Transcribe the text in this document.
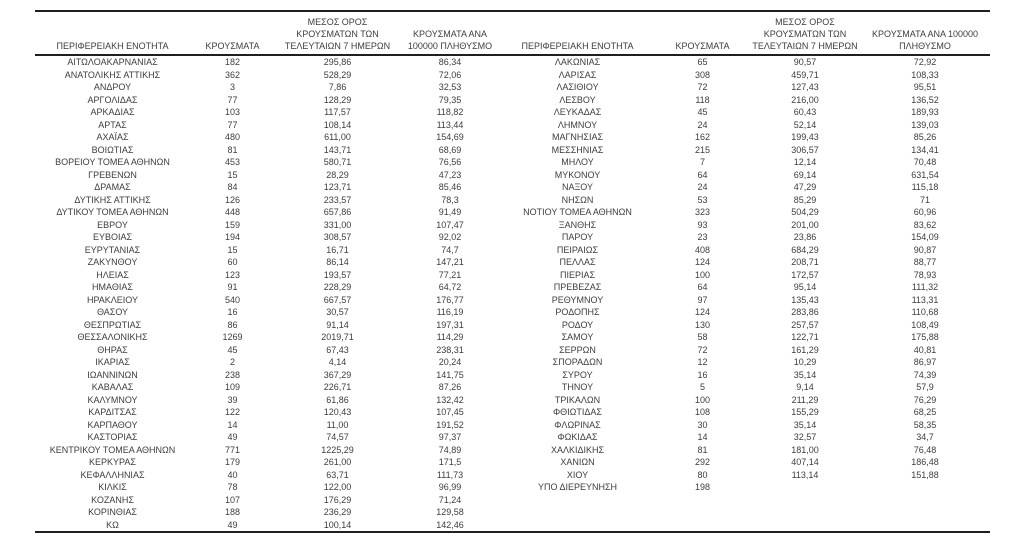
ΠΕΡΙΦΕΡΕΙΑΚΗ ΕΝΟΤΗΤΑ	ΚΡΟΥΣΜΑΤΑ	ΜΕΣΟΣ ΟΡΟΣ ΚΡΟΥΣΜΑΤΩΝ ΤΩΝ ΤΕΛΕΥΤΑΙΩΝ 7 ΗΜΕΡΩΝ	ΚΡΟΥΣΜΑΤΑ ΑΝΑ 100000 ΠΛΗΘΥΣΜΟ
ΑΙΤΩΛΟΑΚΑΡΝΑΝΙΑΣ	182	295,86	86,34
ΑΝΑΤΟΛΙΚΗΣ ΑΤΤΙΚΗΣ	362	528,29	72,06
ΑΝΔΡΟΥ	3	7,86	32,53
ΑΡΓΟΛΙΔΑΣ	77	128,29	79,35
ΑΡΚΑΔΙΑΣ	103	117,57	118,82
ΑΡΤΑΣ	77	108,14	113,44
ΑΧΑΪΑΣ	480	611,00	154,69
ΒΟΙΩΤΙΑΣ	81	143,71	68,69
ΒΟΡΕΙΟΥ ΤΟΜΕΑ ΑΘΗΝΩΝ	453	580,71	76,56
ΓΡΕΒΕΝΩΝ	15	28,29	47,23
ΔΡΑΜΑΣ	84	123,71	85,46
ΔΥΤΙΚΗΣ ΑΤΤΙΚΗΣ	126	233,57	78,3
ΔΥΤΙΚΟΥ ΤΟΜΕΑ ΑΘΗΝΩΝ	448	657,86	91,49
ΕΒΡΟΥ	159	331,00	107,47
ΕΥΒΟΙΑΣ	194	308,57	92,02
ΕΥΡΥΤΑΝΙΑΣ	15	16,71	74,7
ΖΑΚΥΝΘΟΥ	60	86,14	147,21
ΗΛΕΙΑΣ	123	193,57	77,21
ΗΜΑΘΙΑΣ	91	228,29	64,72
ΗΡΑΚΛΕΙΟΥ	540	667,57	176,77
ΘΑΣΟΥ	16	30,57	116,19
ΘΕΣΠΡΩΤΙΑΣ	86	91,14	197,31
ΘΕΣΣΑΛΟΝΙΚΗΣ	1269	2019,71	114,29
ΘΗΡΑΣ	45	67,43	238,31
ΙΚΑΡΙΑΣ	2	4,14	20,24
ΙΩΑΝΝΙΝΩΝ	238	367,29	141,75
ΚΑΒΑΛΑΣ	109	226,71	87,26
ΚΑΛΥΜΝΟΥ	39	61,86	132,42
ΚΑΡΔΙΤΣΑΣ	122	120,43	107,45
ΚΑΡΠΑΘΟΥ	14	11,00	191,52
ΚΑΣΤΟΡΙΑΣ	49	74,57	97,37
ΚΕΝΤΡΙΚΟΥ ΤΟΜΕΑ ΑΘΗΝΩΝ	771	1225,29	74,89
ΚΕΡΚΥΡΑΣ	179	261,00	171,5
ΚΕΦΑΛΛΗΝΙΑΣ	40	63,71	111,73
ΚΙΛΚΙΣ	78	122,00	96,99
ΚΟΖΑΝΗΣ	107	176,29	71,24
ΚΟΡΙΝΘΙΑΣ	188	236,29	129,58
ΚΩ	49	100,14	142,46
ΠΕΡΙΦΕΡΕΙΑΚΗ ΕΝΟΤΗΤΑ	ΚΡΟΥΣΜΑΤΑ	ΜΕΣΟΣ ΟΡΟΣ ΚΡΟΥΣΜΑΤΩΝ ΤΩΝ ΤΕΛΕΥΤΑΙΩΝ 7 ΗΜΕΡΩΝ	ΚΡΟΥΣΜΑΤΑ ΑΝΑ 100000 ΠΛΗΘΥΣΜΟ
ΛΑΚΩΝΙΑΣ	65	90,57	72,92
ΛΑΡΙΣΑΣ	308	459,71	108,33
ΛΑΣΙΘΙΟΥ	72	127,43	95,51
ΛΕΣΒΟΥ	118	216,00	136,52
ΛΕΥΚΑΔΑΣ	45	60,43	189,93
ΛΗΜΝΟΥ	24	52,14	139,03
ΜΑΓΝΗΣΙΑΣ	162	199,43	85,26
ΜΕΣΣΗΝΙΑΣ	215	306,57	134,41
ΜΗΛΟΥ	7	12,14	70,48
ΜΥΚΟΝΟΥ	64	69,14	631,54
ΝΑΞΟΥ	24	47,29	115,18
ΝΗΣΩΝ	53	85,29	71
ΝΟΤΙΟΥ ΤΟΜΕΑ ΑΘΗΝΩΝ	323	504,29	60,96
ΞΑΝΘΗΣ	93	201,00	83,62
ΠΑΡΟΥ	23	23,86	154,09
ΠΕΙΡΑΙΩΣ	408	684,29	90,87
ΠΕΛΛΑΣ	124	208,71	88,77
ΠΙΕΡΙΑΣ	100	172,57	78,93
ΠΡΕΒΕΖΑΣ	64	95,14	111,32
ΡΕΘΥΜΝΟΥ	97	135,43	113,31
ΡΟΔΟΠΗΣ	124	283,86	110,68
ΡΟΔΟΥ	130	257,57	108,49
ΣΑΜΟΥ	58	122,71	175,88
ΣΕΡΡΩΝ	72	161,29	40,81
ΣΠΟΡΑΔΩΝ	12	10,29	86,97
ΣΥΡΟΥ	16	35,14	74,39
ΤΗΝΟΥ	5	9,14	57,9
ΤΡΙΚΑΛΩΝ	100	211,29	76,29
ΦΘΙΩΤΙΔΑΣ	108	155,29	68,25
ΦΛΩΡΙΝΑΣ	30	35,14	58,35
ΦΩΚΙΔΑΣ	14	32,57	34,7
ΧΑΛΚΙΔΙΚΗΣ	81	181,00	76,48
ΧΑΝΙΩΝ	292	407,14	186,48
ΧΙΟΥ	80	113,14	151,88
ΥΠΟ ΔΙΕΡΕΥΝΗΣΗ	198		
